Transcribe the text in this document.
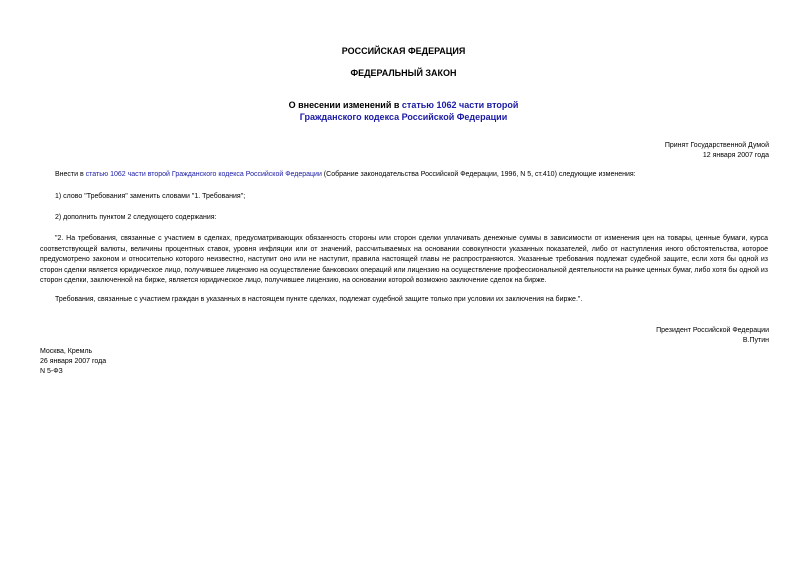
РОССИЙСКАЯ ФЕДЕРАЦИЯ
ФЕДЕРАЛЬНЫЙ ЗАКОН
О внесении изменений в статью 1062 части второй
Гражданского кодекса Российской Федерации
Принят Государственной Думой
12 января 2007 года
Внести в статью 1062 части второй Гражданского кодекса Российской Федерации (Собрание законодательства Российской Федерации, 1996, N 5, ст.410) следующие изменения:
1) слово "Требования" заменить словами "1. Требования";
2) дополнить пунктом 2 следующего содержания:
"2. На требования, связанные с участием в сделках, предусматривающих обязанность стороны или сторон сделки уплачивать денежные суммы в зависимости от изменения цен на товары, ценные бумаги, курса соответствующей валюты, величины процентных ставок, уровня инфляции или от значений, рассчитываемых на основании совокупности указанных показателей, либо от наступления иного обстоятельства, которое предусмотрено законом и относительно которого неизвестно, наступит оно или не наступит, правила настоящей главы не распространяются. Указанные требования подлежат судебной защите, если хотя бы одной из сторон сделки является юридическое лицо, получившее лицензию на осуществление банковских операций или лицензию на осуществление профессиональной деятельности на рынке ценных бумаг, либо хотя бы одной из сторон сделки, заключенной на бирже, является юридическое лицо, получившее лицензию, на основании которой возможно заключение сделок на бирже.
Требования, связанные с участием граждан в указанных в настоящем пункте сделках, подлежат судебной защите только при условии их заключения на бирже.".
Президент Российской Федерации
В.Путин
Москва, Кремль
26 января 2007 года
N 5-ФЗ
